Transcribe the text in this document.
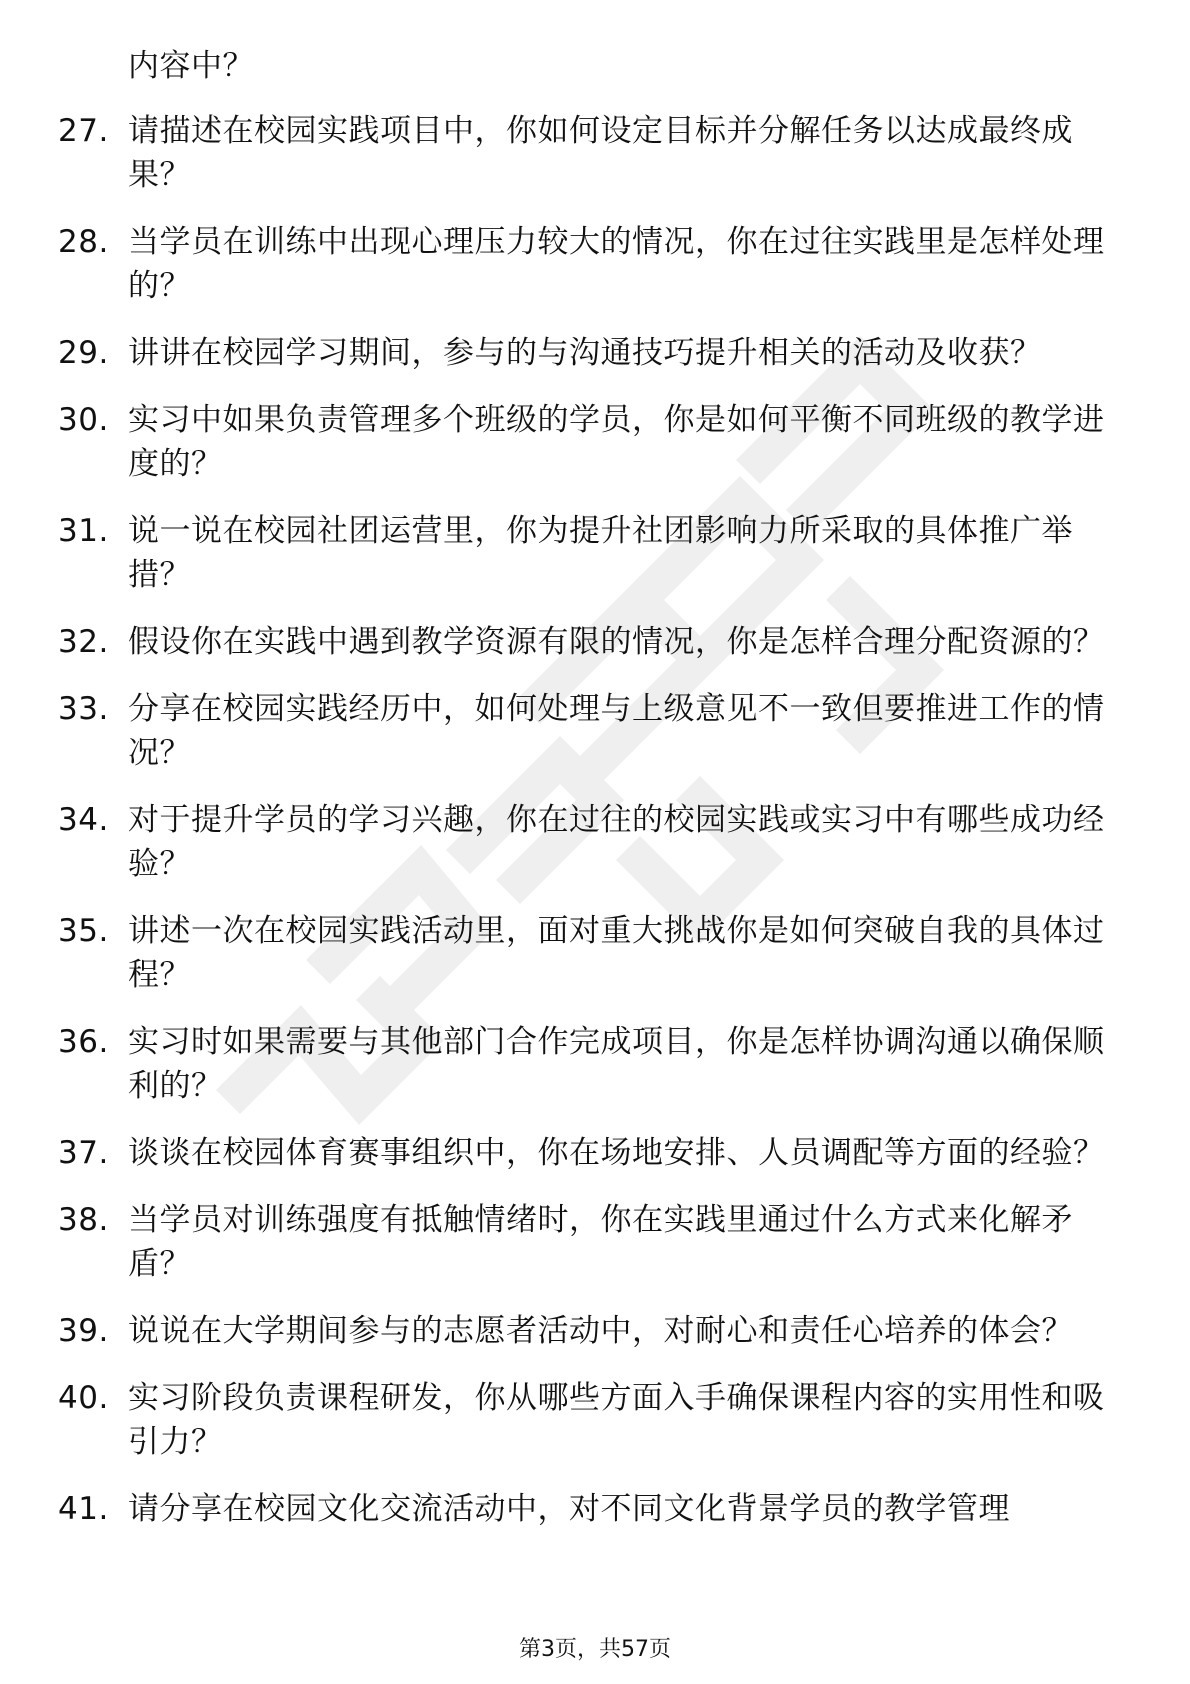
内容中？

27. 请描述在校园实践项目中，你如何设定目标并分解任务以达成最终成果？
28. 当学员在训练中出现心理压力较大的情况，你在过往实践里是怎样处理的？
29. 讲讲在校园学习期间，参与的与沟通技巧提升相关的活动及收获？
30. 实习中如果负责管理多个班级的学员，你是如何平衡不同班级的教学进度的？
31. 说一说在校园社团运营里，你为提升社团影响力所采取的具体推广举措？
32. 假设你在实践中遇到教学资源有限的情况，你是怎样合理分配资源的？
33. 分享在校园实践经历中，如何处理与上级意见不一致但要推进工作的情况？
34. 对于提升学员的学习兴趣，你在过往的校园实践或实习中有哪些成功经验？
35. 讲述一次在校园实践活动里，面对重大挑战你是如何突破自我的具体过程？
36. 实习时如果需要与其他部门合作完成项目，你是怎样协调沟通以确保顺利的？
37. 谈谈在校园体育赛事组织中，你在场地安排、人员调配等方面的经验？
38. 当学员对训练强度有抵触情绪时，你在实践里通过什么方式来化解矛盾？
39. 说说在大学期间参与的志愿者活动中，对耐心和责任心培养的体会？
40. 实习阶段负责课程研发，你从哪些方面入手确保课程内容的实用性和吸引力？
41. 请分享在校园文化交流活动中，对不同文化背景学员的教学管理
第3页，共57页
